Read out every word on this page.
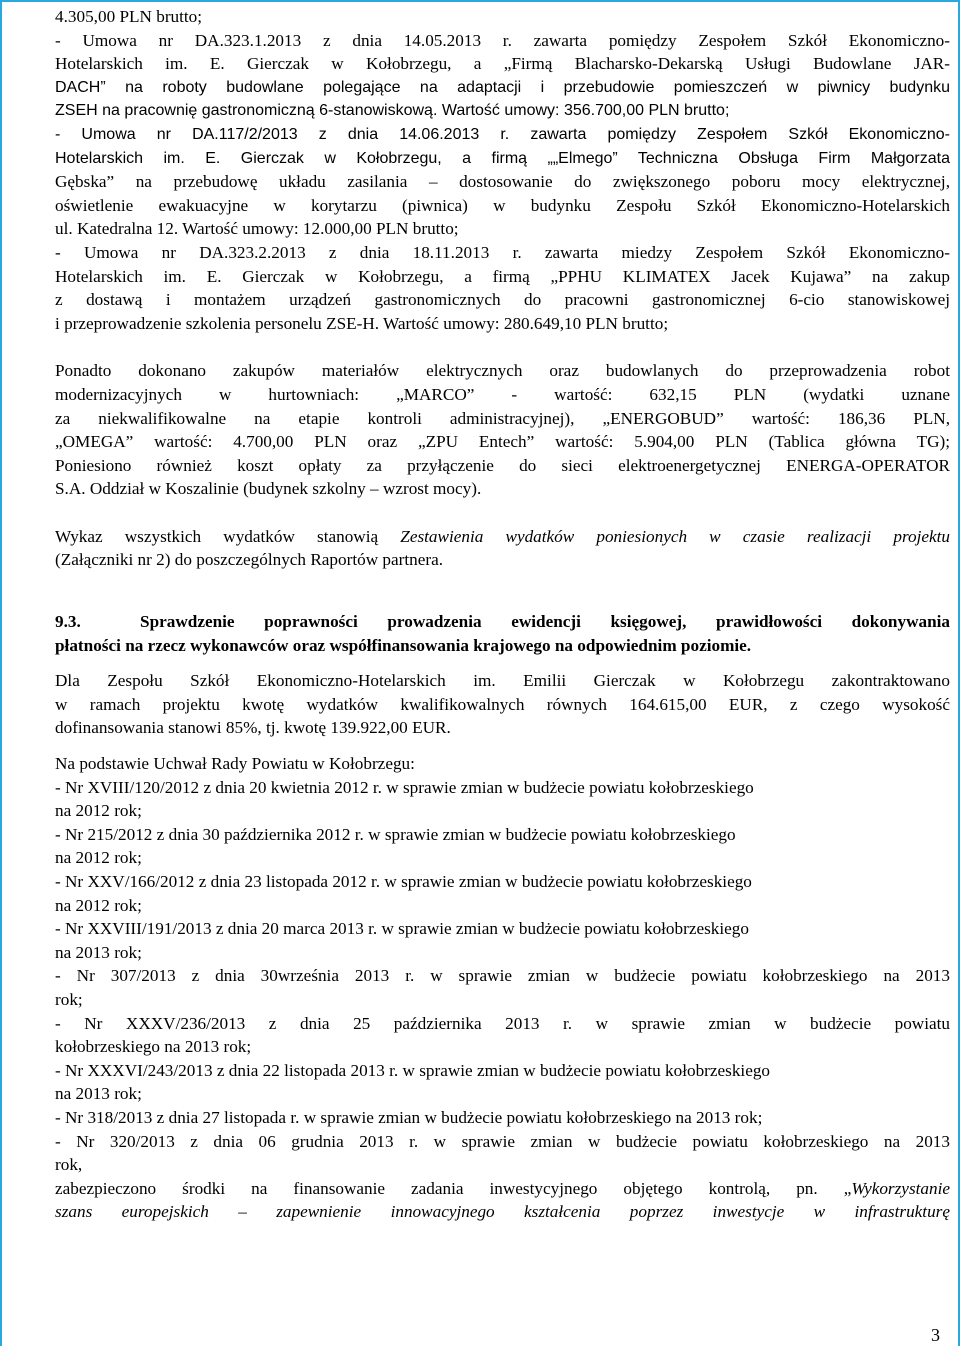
4.305,00 PLN brutto;
- Umowa nr DA.323.1.2013 z dnia 14.05.2013 r. zawarta pomiędzy Zespołem Szkół Ekonomiczno-
Hotelarskich im. E. Gierczak w Kołobrzegu, a „Firmą Blacharsko-Dekarską Usługi Budowlane JAR-
DACH” na roboty budowlane polegające na adaptacji i przebudowie pomieszczeń w piwnicy budynku
ZSEH na pracownię gastronomiczną 6-stanowiskową. Wartość umowy: 356.700,00 PLN brutto;
- Umowa nr DA.117/2/2013 z dnia 14.06.2013 r. zawarta pomiędzy Zespołem Szkół Ekonomiczno-
Hotelarskich im. E. Gierczak w Kołobrzegu, a firmą „„Elmego” Techniczna Obsługa Firm Małgorzata
Gębska” na przebudowę układu zasilania – dostosowanie do zwiększonego poboru mocy elektrycznej,
oświetlenie ewakuacyjne w korytarzu (piwnica) w budynku Zespołu Szkół Ekonomiczno-Hotelarskich
ul. Katedralna 12. Wartość umowy: 12.000,00 PLN brutto;
- Umowa nr DA.323.2.2013 z dnia 18.11.2013 r. zawarta miedzy Zespołem Szkół Ekonomiczno-
Hotelarskich im. E. Gierczak w Kołobrzegu, a firmą „PPHU KLIMATEX Jacek Kujawa” na zakup
z dostawą i montażem urządzeń gastronomicznych do pracowni gastronomicznej 6-cio stanowiskowej
i przeprowadzenie szkolenia personelu ZSE-H. Wartość umowy: 280.649,10 PLN brutto;
Ponadto dokonano zakupów materiałów elektrycznych oraz budowlanych do przeprowadzenia robot
modernizacyjnych w hurtowniach: „MARCO” - wartość: 632,15 PLN (wydatki uznane
za niekwalifikowalne na etapie kontroli administracyjnej), „ENERGOBUD” wartość: 186,36 PLN,
„OMEGA” wartość: 4.700,00 PLN oraz „ZPU Entech” wartość: 5.904,00 PLN (Tablica główna TG);
Poniesiono również koszt opłaty za przyłączenie do sieci elektroenergetycznej ENERGA-OPERATOR
S.A. Oddział w Koszalinie (budynek szkolny – wzrost mocy).
Wykaz wszystkich wydatków stanowią Zestawienia wydatków poniesionych w czasie realizacji projektu
(Załączniki nr 2) do poszczególnych Raportów partnera.
9.3.	Sprawdzenie poprawności prowadzenia ewidencji księgowej, prawidłowości dokonywania
płatności na rzecz wykonawców oraz współfinansowania krajowego na odpowiednim poziomie.
Dla Zespołu Szkół Ekonomiczno-Hotelarskich im. Emilii Gierczak w Kołobrzegu zakontraktowano
w ramach projektu kwotę wydatków kwalifikowalnych równych 164.615,00 EUR, z czego wysokość
dofinansowania stanowi 85%, tj. kwotę 139.922,00 EUR.
Na podstawie Uchwał Rady Powiatu w Kołobrzegu:
- Nr XVIII/120/2012 z dnia 20 kwietnia 2012 r. w sprawie zmian w budżecie powiatu kołobrzeskiego
na 2012 rok;
- Nr 215/2012 z dnia 30 października 2012 r. w sprawie zmian w budżecie powiatu kołobrzeskiego
na 2012 rok;
- Nr XXV/166/2012 z dnia 23 listopada 2012 r. w sprawie zmian w budżecie powiatu kołobrzeskiego
na 2012 rok;
- Nr XXVIII/191/2013 z dnia 20 marca 2013 r. w sprawie zmian w budżecie powiatu kołobrzeskiego
na 2013 rok;
- Nr 307/2013 z dnia 30września 2013 r. w sprawie zmian w budżecie powiatu kołobrzeskiego na 2013
rok;
- Nr XXXV/236/2013 z dnia 25 października 2013 r. w sprawie zmian w budżecie powiatu
kołobrzeskiego na 2013 rok;
- Nr XXXVI/243/2013 z dnia 22 listopada 2013 r. w sprawie zmian w budżecie powiatu kołobrzeskiego
na 2013 rok;
- Nr 318/2013 z dnia 27 listopada r. w sprawie zmian w budżecie powiatu kołobrzeskiego na 2013 rok;
- Nr 320/2013 z dnia 06 grudnia 2013 r. w sprawie zmian w budżecie powiatu kołobrzeskiego na 2013
rok,
zabezpieczono środki na finansowanie zadania inwestycyjnego objętego kontrolą, pn. „Wykorzystanie
szans europejskich – zapewnienie innowacyjnego kształcenia poprzez inwestycje w infrastrukturę
3
